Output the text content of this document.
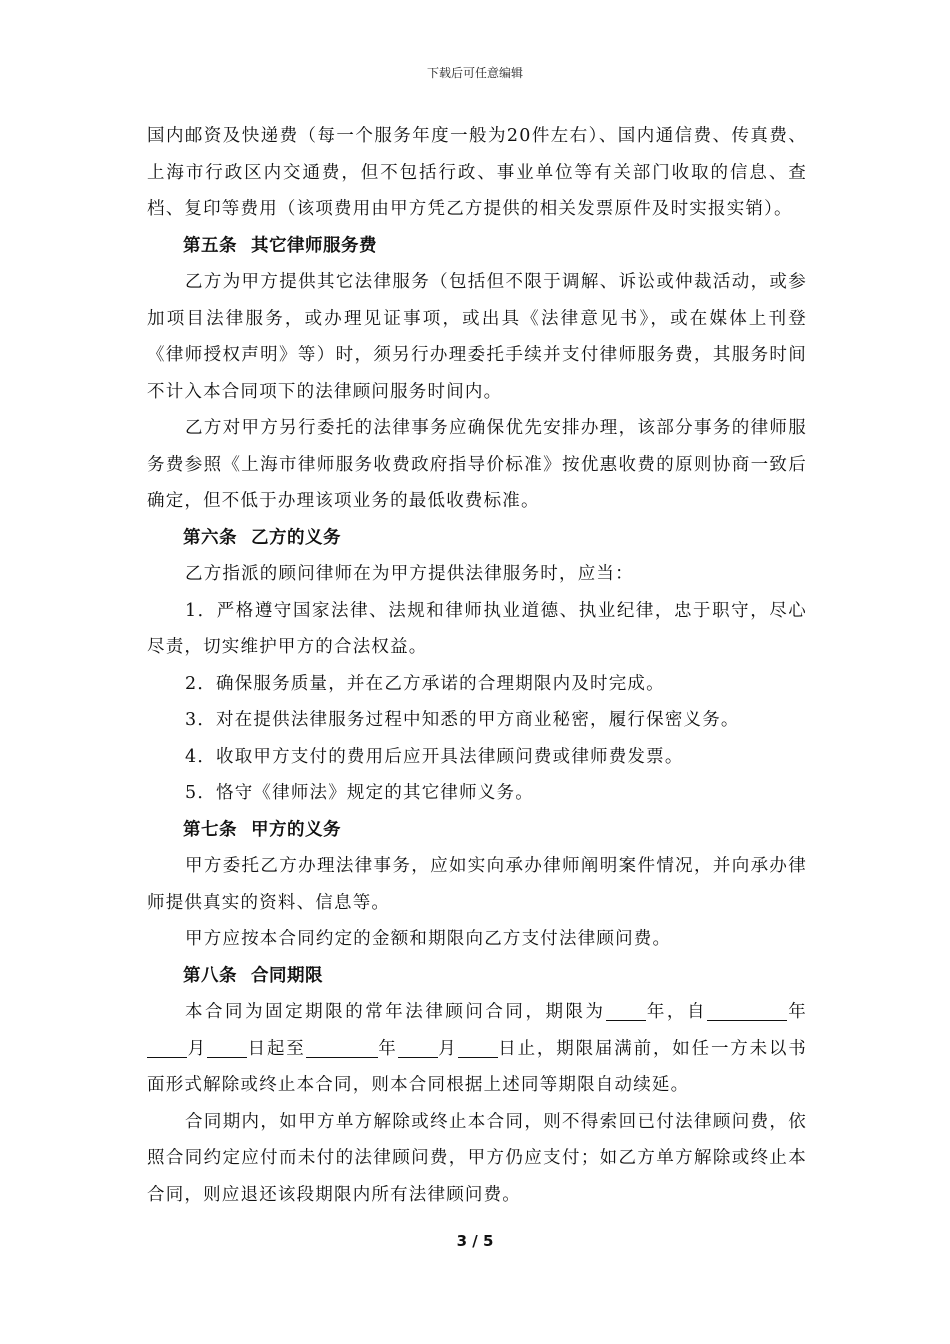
下载后可任意编辑

国内邮资及快递费（每一个服务年度一般为20件左右）、国内通信费、传真费、上海市行政区内交通费，但不包括行政、事业单位等有关部门收取的信息、查档、复印等费用（该项费用由甲方凭乙方提供的相关发票原件及时实报实销）。

第五条 其它律师服务费

乙方为甲方提供其它法律服务（包括但不限于调解、诉讼或仲裁活动，或参加项目法律服务，或办理见证事项，或出具《法律意见书》，或在媒体上刊登《律师授权声明》等）时，须另行办理委托手续并支付律师服务费，其服务时间不计入本合同项下的法律顾问服务时间内。

乙方对甲方另行委托的法律事务应确保优先安排办理，该部分事务的律师服务费参照《上海市律师服务收费政府指导价标准》按优惠收费的原则协商一致后确定，但不低于办理该项业务的最低收费标准。

第六条 乙方的义务

乙方指派的顾问律师在为甲方提供法律服务时，应当：

1．严格遵守国家法律、法规和律师执业道德、执业纪律，忠于职守，尽心尽责，切实维护甲方的合法权益。

2．确保服务质量，并在乙方承诺的合理期限内及时完成。

3．对在提供法律服务过程中知悉的甲方商业秘密，履行保密义务。

4．收取甲方支付的费用后应开具法律顾问费或律师费发票。

5．恪守《律师法》规定的其它律师义务。

第七条 甲方的义务

甲方委托乙方办理法律事务，应如实向承办律师阐明案件情况，并向承办律师提供真实的资料、信息等。

甲方应按本合同约定的金额和期限向乙方支付法律顾问费。

第八条 合同期限

本合同为固定期限的常年法律顾问合同，期限为 年，自	年月 日起至	年 月 日止，期限届满前，如任一方未以书面形式解除或终止本合同，则本合同根据上述同等期限自动续延。

合同期内，如甲方单方解除或终止本合同，则不得索回已付法律顾问费，依照合同约定应付而未付的法律顾问费，甲方仍应支付；如乙方单方解除或终止本合同，则应退还该段期限内所有法律顾问费。

3 / 5
